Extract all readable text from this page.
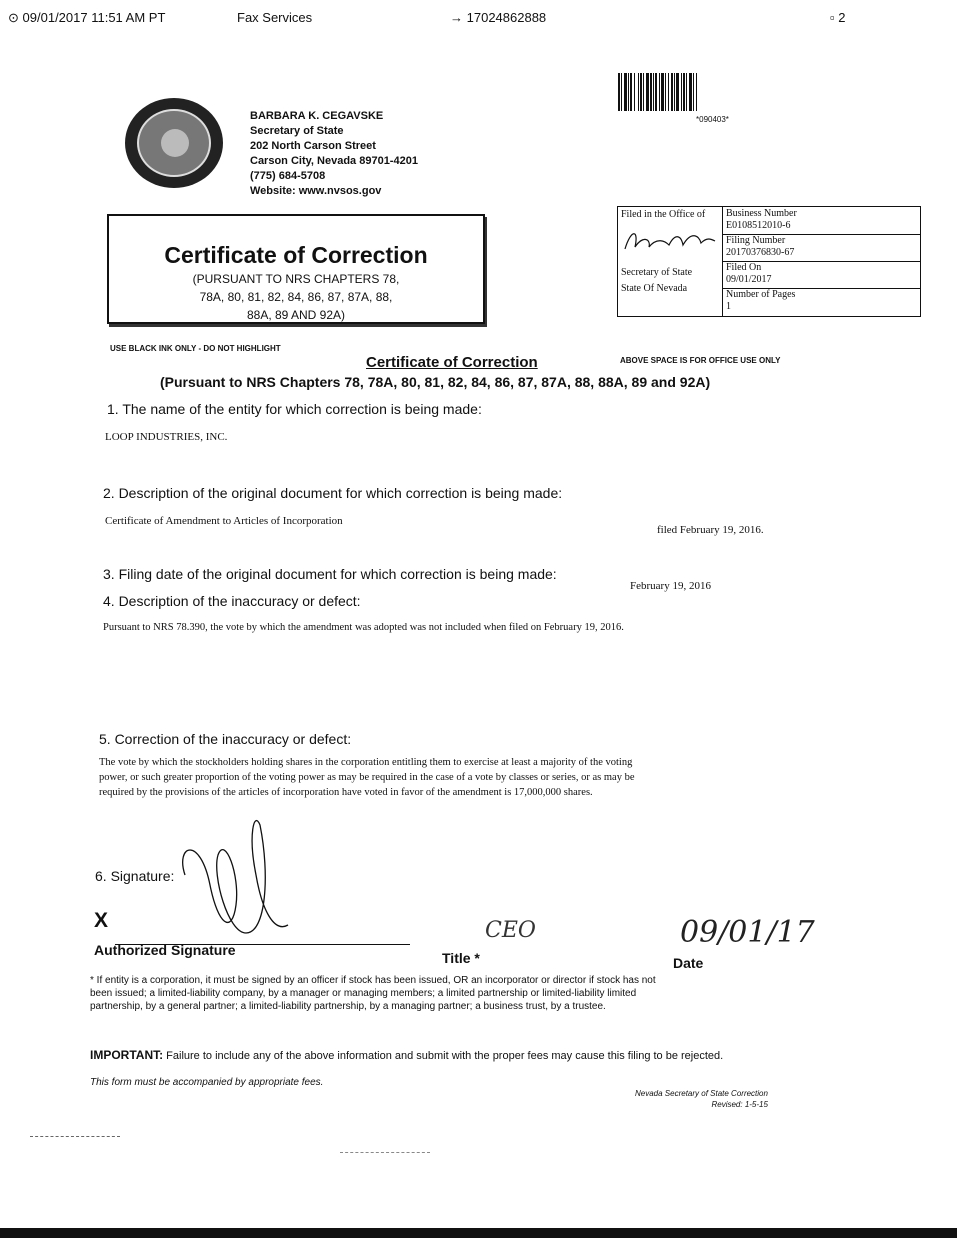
⊙ 09/01/2017 11:51 AM PT	Fax Services	→ 17024862888	▫ 2
BARBARA K. CEGAVSKE
Secretary of State
202 North Carson Street
Carson City, Nevada 89701-4201
(775) 684-5708
Website: www.nvsos.gov
*090403*
Certificate of Correction
(PURSUANT TO NRS CHAPTERS 78,
78A, 80, 81, 82, 84, 86, 87, 87A, 88,
88A, 89 AND 92A)
Filed in the Office of
Barbara K. Cegavske
Secretary of State
State Of Nevada
Business Number
E0108512010-6
Filing Number
20170376830-67
Filed On
09/01/2017
Number of Pages
1
USE BLACK INK ONLY - DO NOT HIGHLIGHT
ABOVE SPACE IS FOR OFFICE USE ONLY
Certificate of Correction
(Pursuant to NRS Chapters 78, 78A, 80, 81, 82, 84, 86, 87, 87A, 88, 88A, 89 and 92A)
1. The name of the entity for which correction is being made:
LOOP INDUSTRIES, INC.
2. Description of the original document for which correction is being made:
Certificate of Amendment to Articles of Incorporation
filed February 19, 2016.
3. Filing date of the original document for which correction is being made:
February 19, 2016
4. Description of the inaccuracy or defect:
Pursuant to NRS 78.390, the vote by which the amendment was adopted was not included when filed on February 19, 2016.
5. Correction of the inaccuracy or defect:
The vote by which the stockholders holding shares in the corporation entitling them to exercise at least a majority of the voting
power, or such greater proportion of the voting power as may be required in the case of a vote by classes or series, or as may be
required by the provisions of the articles of incorporation have voted in favor of the amendment is 17,000,000 shares.
6. Signature:
X
Authorized Signature
CEO
Title *
09/01/17
Date
* If entity is a corporation, it must be signed by an officer if stock has been issued, OR an incorporator or director if stock has not
been issued; a limited-liability company, by a manager or managing members; a limited partnership or limited-liability limited
partnership, by a general partner; a limited-liability partnership, by a managing partner; a business trust, by a trustee.
IMPORTANT: Failure to include any of the above information and submit with the proper fees may cause this filing to be rejected.
This form must be accompanied by appropriate fees.
Nevada Secretary of State Correction
Revised: 1-5-15
